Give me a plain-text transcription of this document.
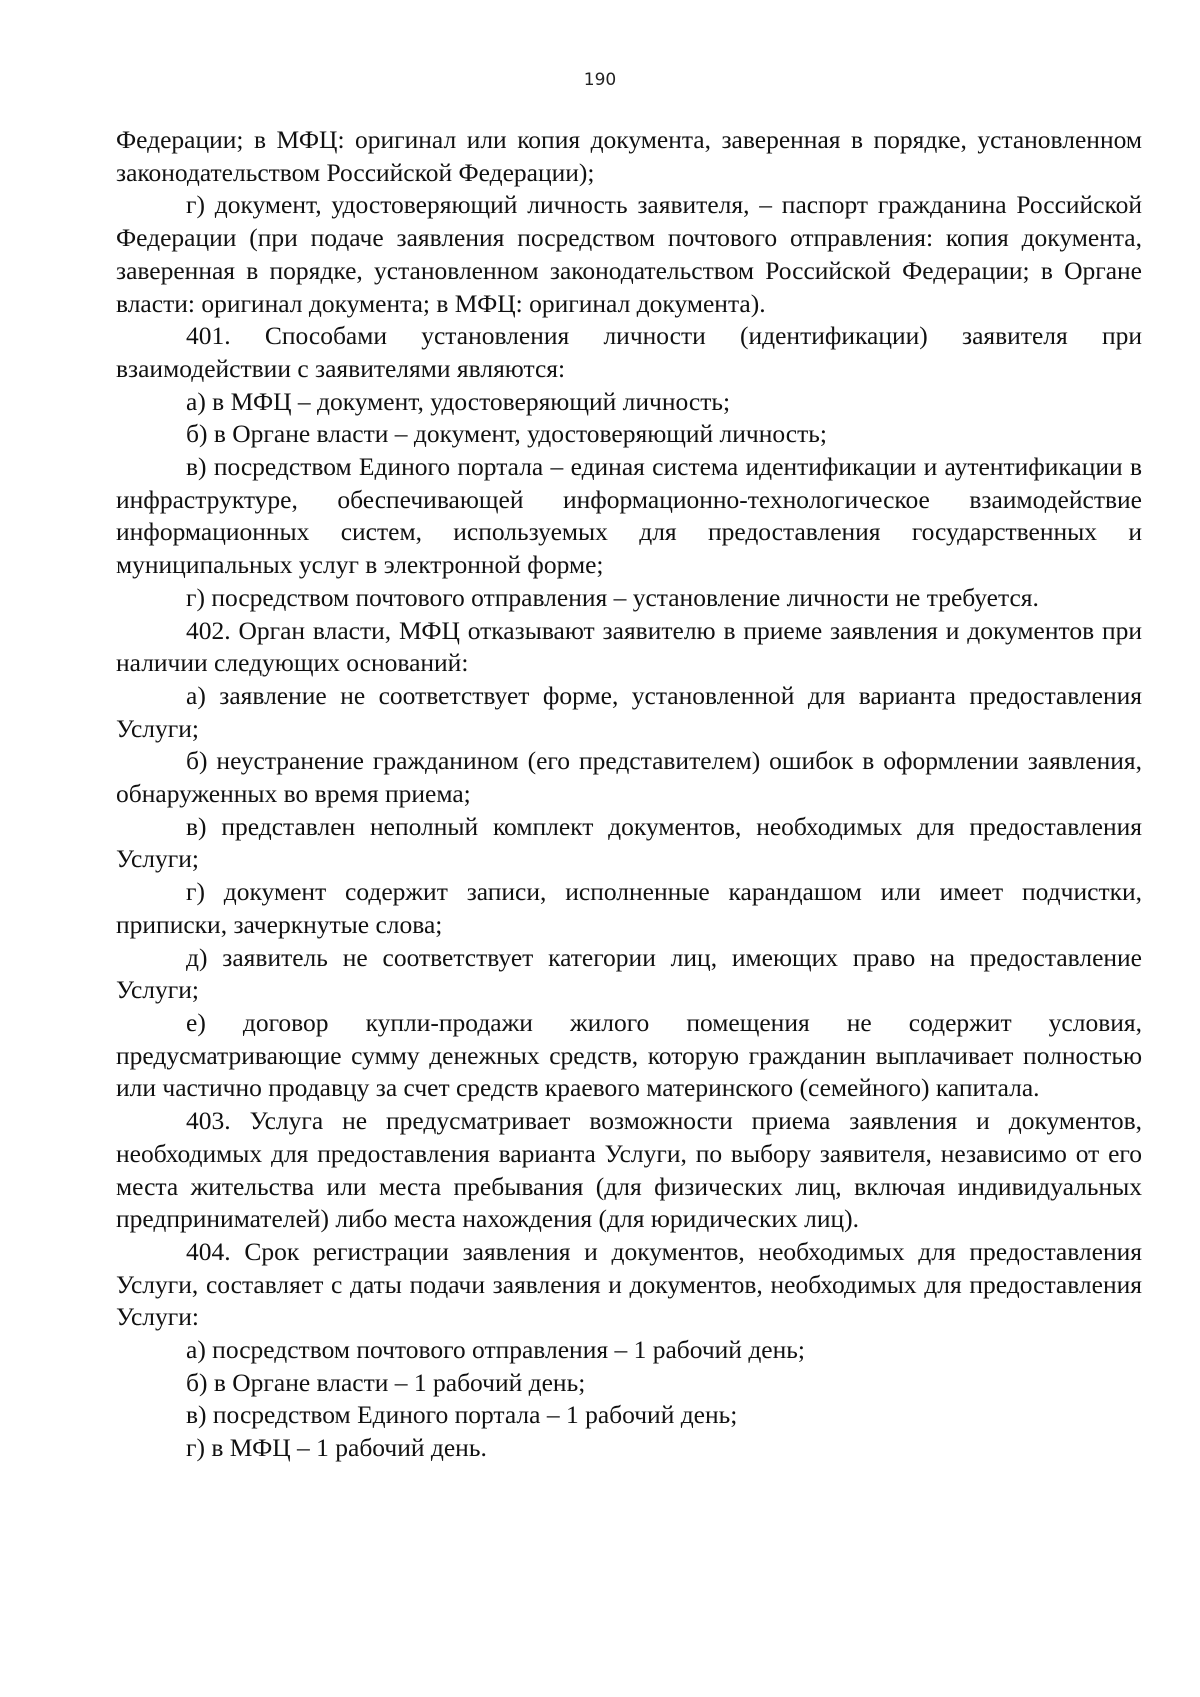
190

Федерации; в МФЦ: оригинал или копия документа, заверенная в порядке, установленном законодательством Российской Федерации);

г) документ, удостоверяющий личность заявителя, – паспорт гражданина Российской Федерации (при подаче заявления посредством почтового отправления: копия документа, заверенная в порядке, установленном законодательством Российской Федерации; в Органе власти: оригинал документа; в МФЦ: оригинал документа).

401. Способами установления личности (идентификации) заявителя при взаимодействии с заявителями являются:

а) в МФЦ – документ, удостоверяющий личность;

б) в Органе власти – документ, удостоверяющий личность;

в) посредством Единого портала – единая система идентификации и аутентификации в инфраструктуре, обеспечивающей информационно-технологическое взаимодействие информационных систем, используемых для предоставления государственных и муниципальных услуг в электронной форме;

г) посредством почтового отправления – установление личности не требуется.

402. Орган власти, МФЦ отказывают заявителю в приеме заявления и документов при наличии следующих оснований:

а) заявление не соответствует форме, установленной для варианта предоставления Услуги;

б) неустранение гражданином (его представителем) ошибок в оформлении заявления, обнаруженных во время приема;

в) представлен неполный комплект документов, необходимых для предоставления Услуги;

г) документ содержит записи, исполненные карандашом или имеет подчистки, приписки, зачеркнутые слова;

д) заявитель не соответствует категории лиц, имеющих право на предоставление Услуги;

е) договор купли-продажи жилого помещения не содержит условия, предусматривающие сумму денежных средств, которую гражданин выплачивает полностью или частично продавцу за счет средств краевого материнского (семейного) капитала.

403. Услуга не предусматривает возможности приема заявления и документов, необходимых для предоставления варианта Услуги, по выбору заявителя, независимо от его места жительства или места пребывания (для физических лиц, включая индивидуальных предпринимателей) либо места нахождения (для юридических лиц).

404. Срок регистрации заявления и документов, необходимых для предоставления Услуги, составляет с даты подачи заявления и документов, необходимых для предоставления Услуги:

а) посредством почтового отправления – 1 рабочий день;

б) в Органе власти – 1 рабочий день;

в) посредством Единого портала – 1 рабочий день;

г) в МФЦ – 1 рабочий день.
